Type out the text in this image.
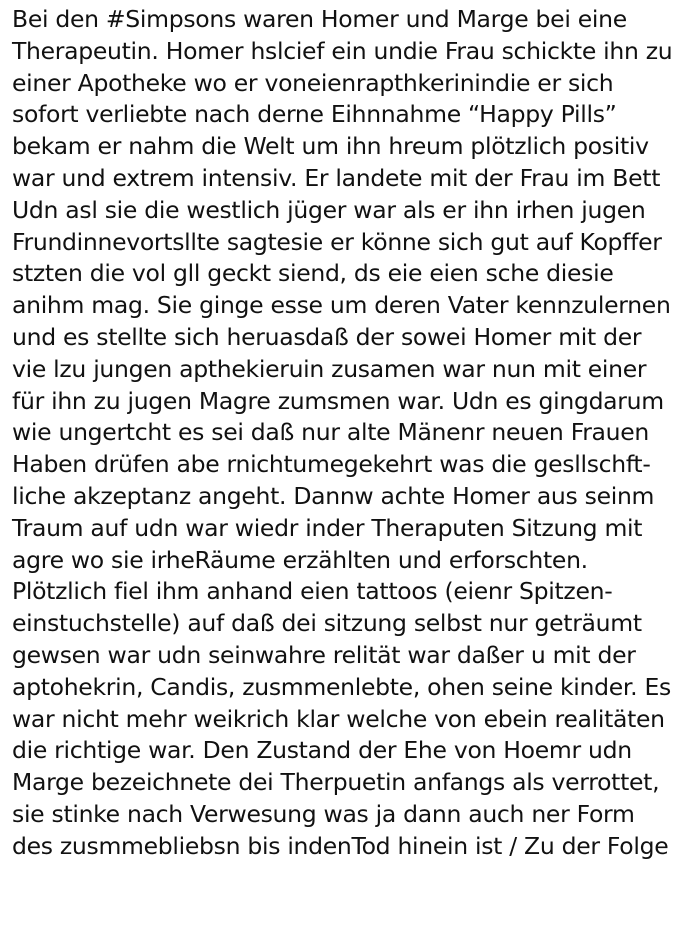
Bei den #Simpsons waren Homer und Marge bei eine
Therapeutin. Homer hslcief ein undie Frau schickte ihn zu
einer Apotheke wo er voneienrapthkerinindie er sich
sofort verliebte nach derne Eihnnahme “Happy Pills”
bekam er nahm die Welt um ihn hreum plötzlich positiv
war und extrem intensiv. Er landete mit der Frau im Bett
Udn asl sie die westlich jüger war als er ihn irhen jugen
Frundinnevortsllte sagtesie er könne sich gut auf Kopffer
stzten die vol gll geckt siend, ds eie eien sche diesie
anihm mag. Sie ginge esse um deren Vater kennzulernen
und es stellte sich heruasdaß der sowei Homer mit der
vie lzu jungen apthekieruin zusamen war nun mit einer
für ihn zu jugen Magre zumsmen war. Udn es gingdarum
wie ungertcht es sei daß nur alte Mänenr neuen Frauen
Haben drüfen abe rnichtumegekehrt was die gesllschft-
liche akzeptanz angeht. Dannw achte Homer aus seinm
Traum auf udn war wiedr inder Theraputen Sitzung mit
agre wo sie irheRäume erzählten und erforschten.
Plötzlich fiel ihm anhand eien tattoos (eienr Spitzen-
einstuchstelle) auf daß dei sitzung selbst nur geträumt
gewsen war udn seinwahre relität war daßer u mit der
aptohekrin, Candis, zusmmenlebte, ohen seine kinder. Es
war nicht mehr weikrich klar welche von ebein realitäten
die richtige war. Den Zustand der Ehe von Hoemr udn
Marge bezeichnete dei Therpuetin anfangs als verrottet,
sie stinke nach Verwesung was ja dann auch ner Form
des zusmmebliebsn bis indenTod hinein ist / Zu der Folge
